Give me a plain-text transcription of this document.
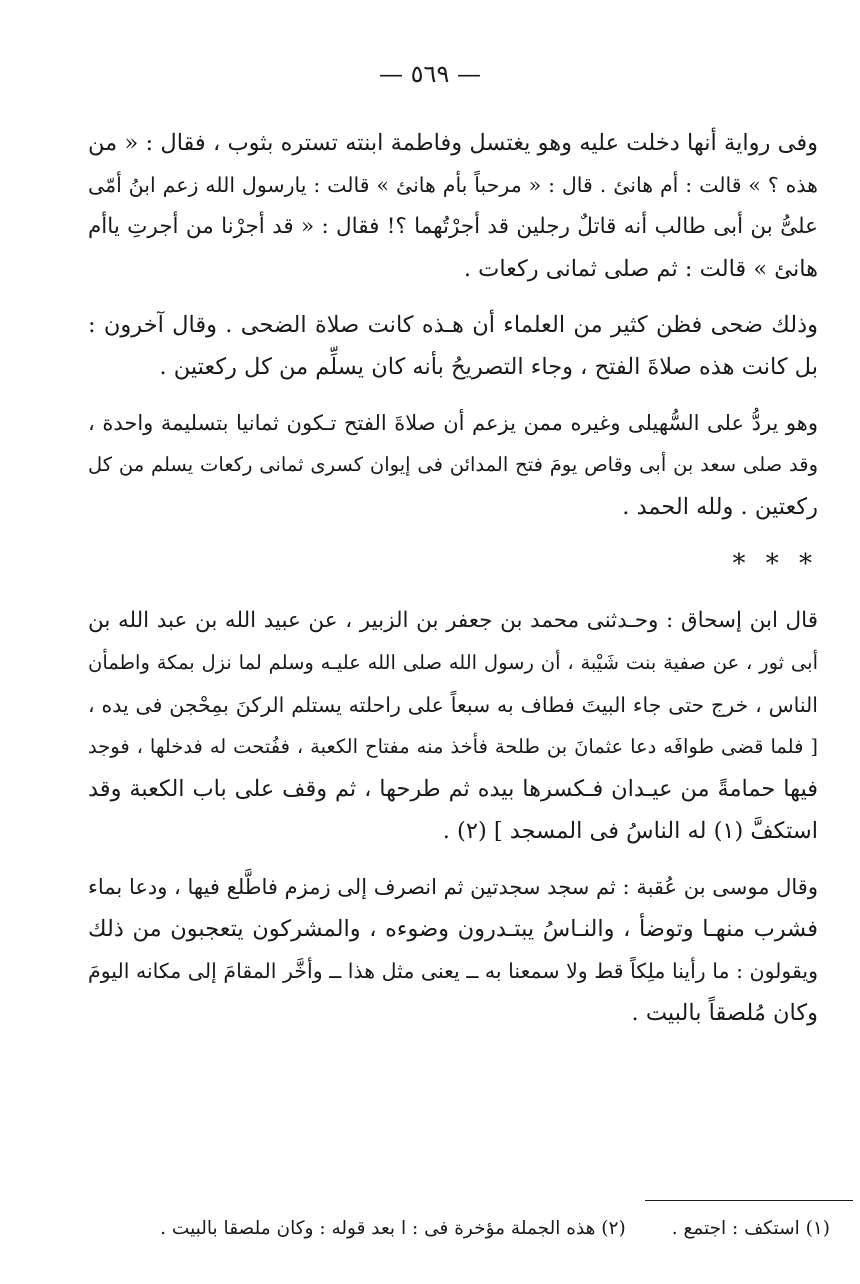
— ٥٦٩ —
وفى رواية أنها دخلت عليه وهو يغتسل وفاطمة ابنته تستره بثوب ، فقال : « من
هذه ؟ » قالت : أم هانئ . قال : « مرحباً بأم هانئ » قالت : يارسول الله زعم ابنُ أمّى
علىُّ بن أبى طالب أنه قاتلٌ رجلين قد أجرْتُهما ؟! فقال : « قد أجرْنا من أجرتِ ياأم
هانئ » قالت : ثم صلى ثمانى ركعات .
وذلك ضحى فظن كثير من العلماء أن هـذه كانت صلاة الضحى . وقال آخرون :
بل كانت هذه صلاةَ الفتح ، وجاء التصريحُ بأنه كان يسلِّم من كل ركعتين .
وهو يردُّ على السُّهيلى وغيره ممن يزعم أن صلاةَ الفتح تـكون ثمانيا بتسليمة واحدة ،
وقد صلى سعد بن أبى وقاص يومَ فتح المدائن فى إيوان كسرى ثمانى ركعات يسلم من كل
ركعتين . ولله الحمد .
* * *
قال ابن إسحاق : وحـدثنى محمد بن جعفر بن الزبير ، عن عبيد الله بن عبد الله بن
أبى ثور ، عن صفية بنت شَيْبة ، أن رسول الله صلى الله عليـه وسلم لما نزل بمكة واطمأن
الناس ، خرج حتى جاء البيتَ فطاف به سبعاً على راحلته يستلم الركنَ بمِحْجن فى يده ،
[ فلما قضى طوافَه دعا عثمانَ بن طلحة فأخذ منه مفتاح الكعبة ، ففُتحت له فدخلها ، فوجد
فيها حمامةً من عيـدان فـكسرها بيده ثم طرحها ، ثم وقف على باب الكعبة وقد
استكفَّ (١) له الناسُ فى المسجد ] (٢) .
وقال موسى بن عُقبة : ثم سجد سجدتين ثم انصرف إلى زمزم فاطَّلع فيها ، ودعا بماء
فشرب منهـا وتوضأ ، والنـاسُ يبتـدرون وضوءه ، والمشركون يتعجبون من ذلك
ويقولون : ما رأينا ملِكاً قط ولا سمعنا به ــ يعنى مثل هذا ــ وأخَّر المقامَ إلى مكانه اليومَ
وكان مُلصقاً بالبيت .
(١) استكف : اجتمع .
(٢) هذه الجملة مؤخرة فى : ا بعد قوله : وكان ملصقا بالبيت .
